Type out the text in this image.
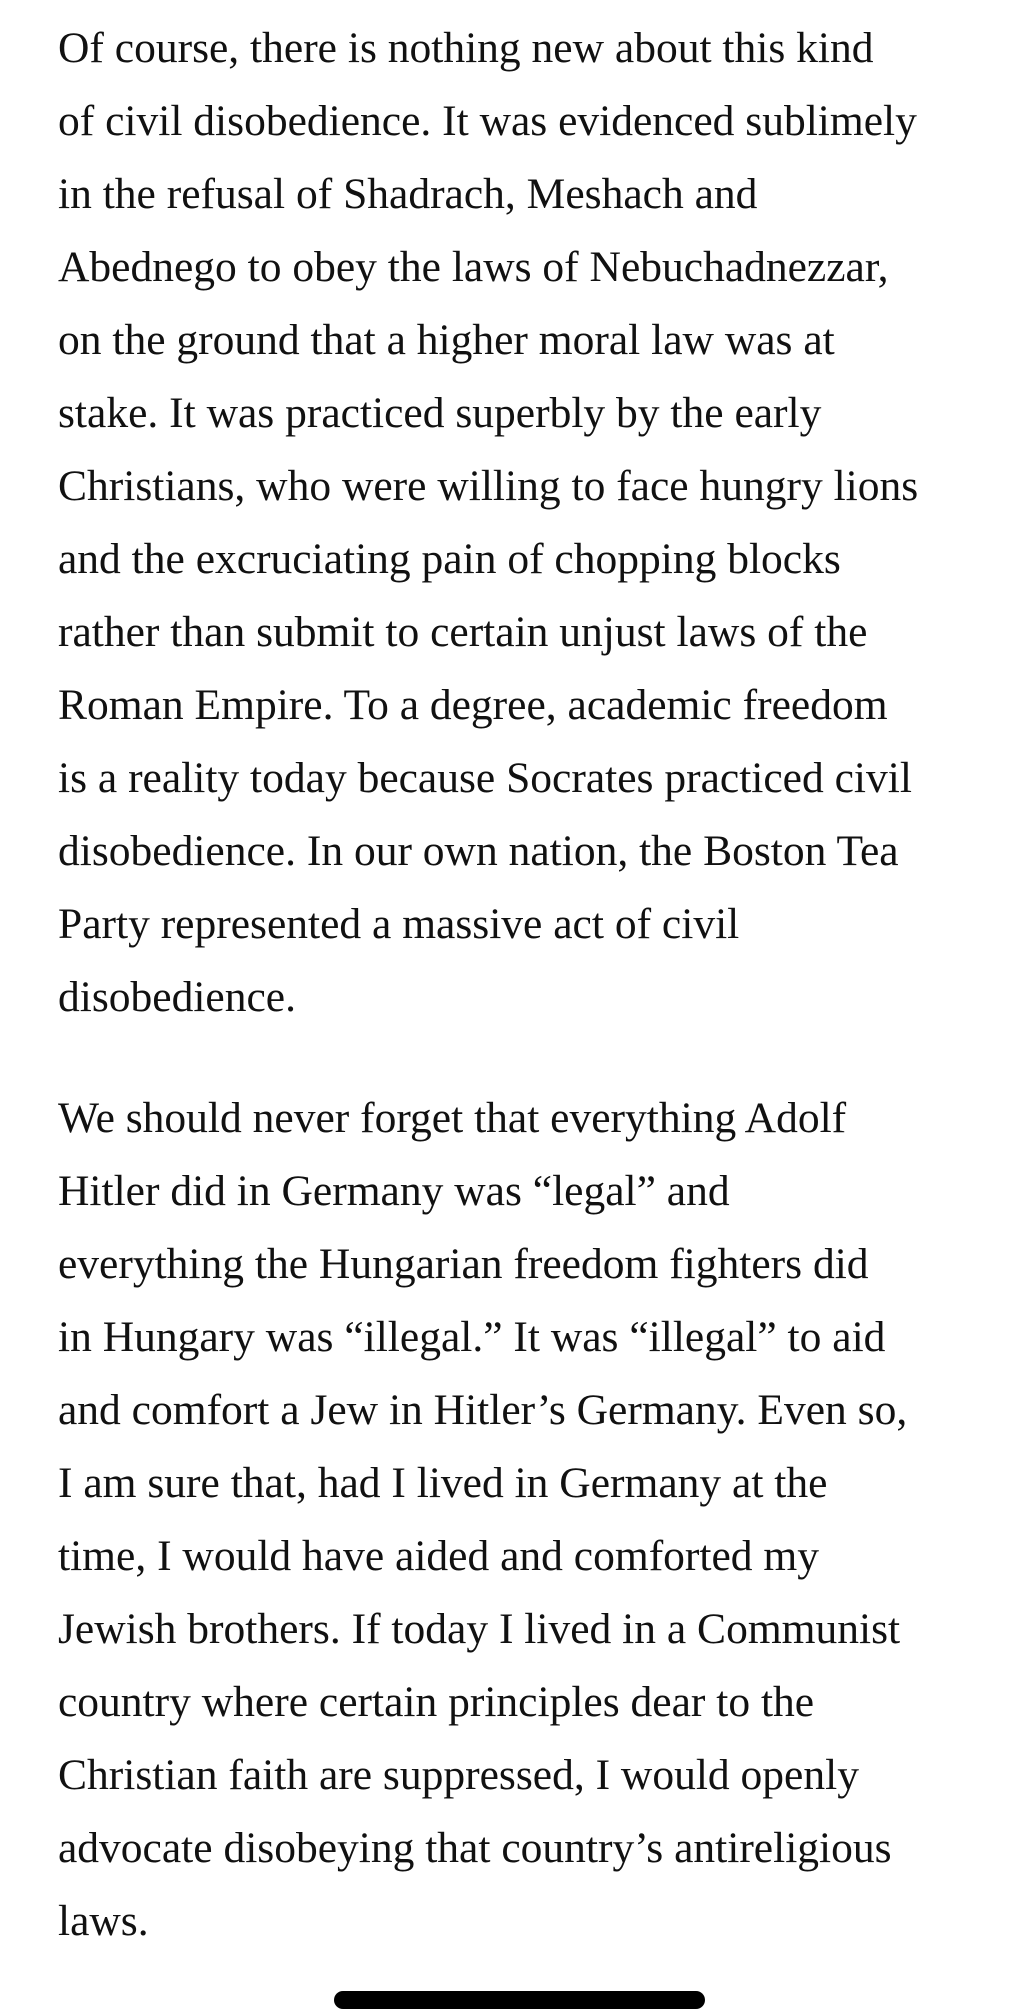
Of course, there is nothing new about this kind
of civil disobedience. It was evidenced sublimely
in the refusal of Shadrach, Meshach and
Abednego to obey the laws of Nebuchadnezzar,
on the ground that a higher moral law was at
stake. It was practiced superbly by the early
Christians, who were willing to face hungry lions
and the excruciating pain of chopping blocks
rather than submit to certain unjust laws of the
Roman Empire. To a degree, academic freedom
is a reality today because Socrates practiced civil
disobedience. In our own nation, the Boston Tea
Party represented a massive act of civil
disobedience.
We should never forget that everything Adolf
Hitler did in Germany was “legal” and
everything the Hungarian freedom fighters did
in Hungary was “illegal.” It was “illegal” to aid
and comfort a Jew in Hitler’s Germany. Even so,
I am sure that, had I lived in Germany at the
time, I would have aided and comforted my
Jewish brothers. If today I lived in a Communist
country where certain principles dear to the
Christian faith are suppressed, I would openly
advocate disobeying that country’s antireligious
laws.
